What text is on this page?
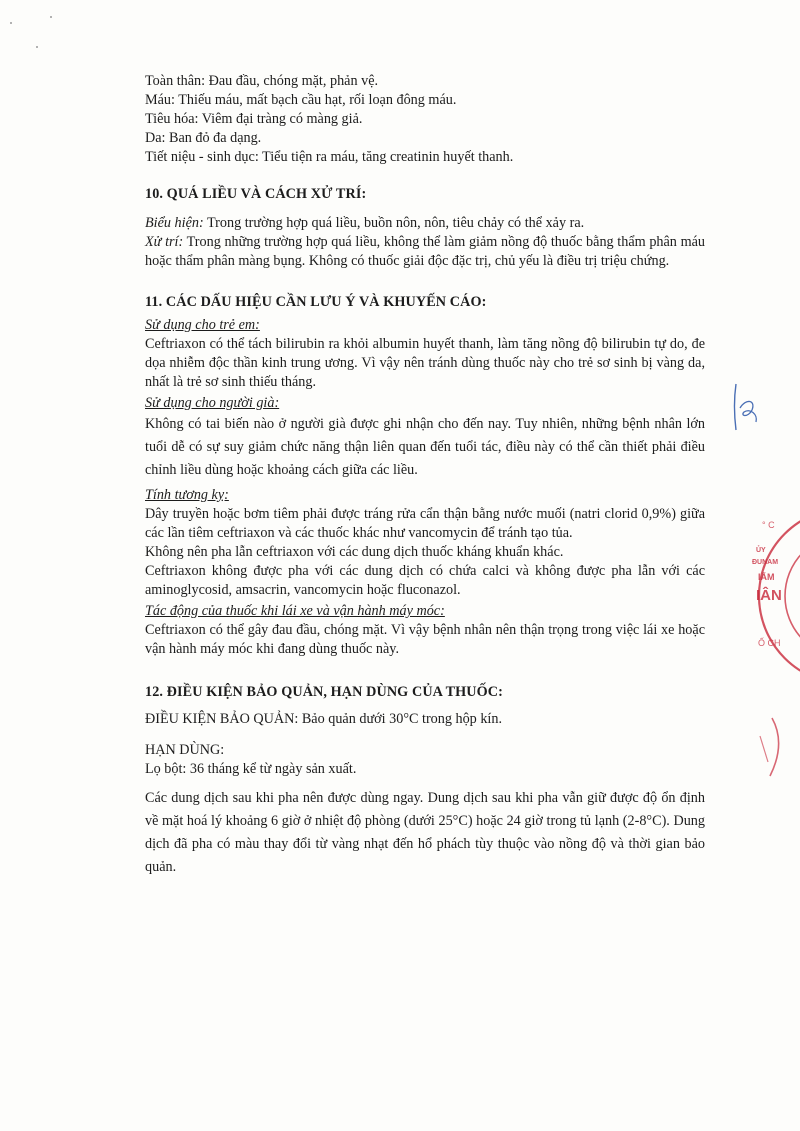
Toàn thân: Đau đầu, chóng mặt, phản vệ.
Máu: Thiếu máu, mất bạch cầu hạt, rối loạn đông máu.
Tiêu hóa: Viêm đại tràng có màng giả.
Da: Ban đỏ đa dạng.
Tiết niệu - sinh dục: Tiểu tiện ra máu, tăng creatinin huyết thanh.
10. QUÁ LIỀU VÀ CÁCH XỬ TRÍ:
Biểu hiện: Trong trường hợp quá liều, buồn nôn, nôn, tiêu chảy có thể xảy ra.
Xử trí: Trong những trường hợp quá liều, không thể làm giảm nồng độ thuốc bằng thẩm phân máu hoặc thẩm phân màng bụng. Không có thuốc giải độc đặc trị, chủ yếu là điều trị triệu chứng.
11. CÁC DẤU HIỆU CẦN LƯU Ý VÀ KHUYẾN CÁO:
Sử dụng cho trẻ em:
Ceftriaxon có thể tách bilirubin ra khỏi albumin huyết thanh, làm tăng nồng độ bilirubin tự do, đe dọa nhiễm độc thần kinh trung ương. Vì vậy nên tránh dùng thuốc này cho trẻ sơ sinh bị vàng da, nhất là trẻ sơ sinh thiếu tháng.
Sử dụng cho người già:
Không có tai biến nào ở người già được ghi nhận cho đến nay. Tuy nhiên, những bệnh nhân lớn tuổi dễ có sự suy giảm chức năng thận liên quan đến tuổi tác, điều này có thể cần thiết phải điều chỉnh liều dùng hoặc khoảng cách giữa các liều.
Tính tương kỵ:
Dây truyền hoặc bơm tiêm phải được tráng rửa cẩn thận bằng nước muối (natri clorid 0,9%) giữa các lần tiêm ceftriaxon và các thuốc khác như vancomycin để tránh tạo tủa.
Không nên pha lẫn ceftriaxon với các dung dịch thuốc kháng khuẩn khác.
Ceftriaxon không được pha với các dung dịch có chứa calci và không được pha lẫn với các aminoglycosid, amsacrin, vancomycin hoặc fluconazol.
Tác động của thuốc khi lái xe và vận hành máy móc:
Ceftriaxon có thể gây đau đầu, chóng mặt. Vì vậy bệnh nhân nên thận trọng trong việc lái xe hoặc vận hành máy móc khi đang dùng thuốc này.
12. ĐIỀU KIỆN BẢO QUẢN, HẠN DÙNG CỦA THUỐC:
ĐIỀU KIỆN BẢO QUẢN: Bảo quản dưới 30°C trong hộp kín.
HẠN DÙNG:
Lọ bột: 36 tháng kể từ ngày sản xuất.
Các dung dịch sau khi pha nên được dùng ngay. Dung dịch sau khi pha vẫn giữ được độ ổn định về mặt hoá lý khoảng 6 giờ ở nhiệt độ phòng (dưới 25°C) hoặc 24 giờ trong tủ lạnh (2-8°C). Dung dịch đã pha có màu thay đổi từ vàng nhạt đến hổ phách tùy thuộc vào nồng độ và thời gian bảo quản.
° C
ỦY
ĐUNAM
IẤM
IÂN
Ố CH
